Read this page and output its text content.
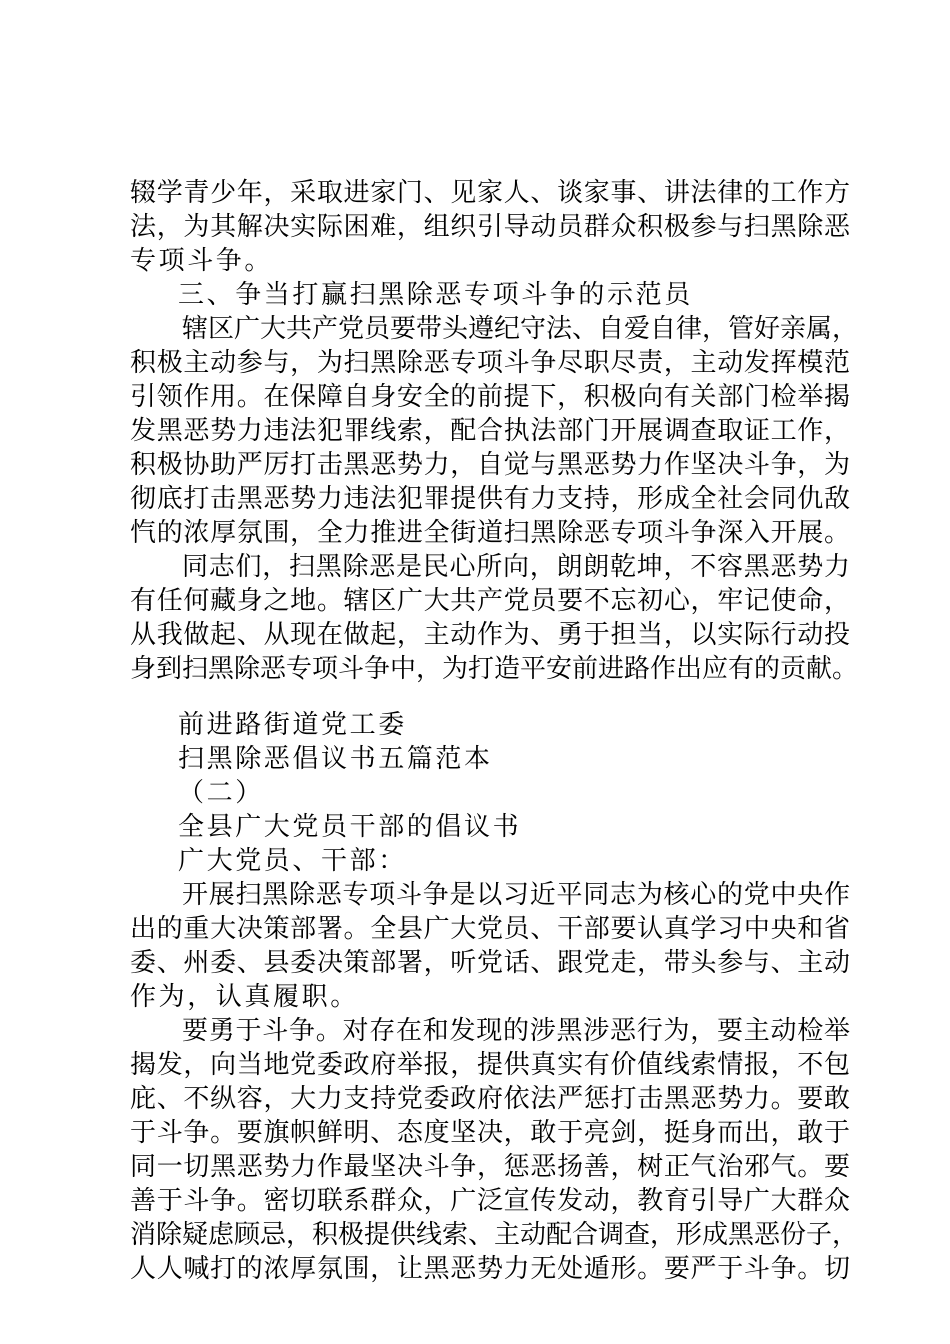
辍学青少年，采取进家门、见家人、谈家事、讲法律的工作方
法，为其解决实际困难，组织引导动员群众积极参与扫黑除恶
专项斗争。
三、争当打赢扫黑除恶专项斗争的示范员
辖区广大共产党员要带头遵纪守法、自爱自律，管好亲属，
积极主动参与，为扫黑除恶专项斗争尽职尽责，主动发挥模范
引领作用。在保障自身安全的前提下，积极向有关部门检举揭
发黑恶势力违法犯罪线索，配合执法部门开展调查取证工作，
积极协助严厉打击黑恶势力，自觉与黑恶势力作坚决斗争，为
彻底打击黑恶势力违法犯罪提供有力支持，形成全社会同仇敌
忾的浓厚氛围，全力推进全街道扫黑除恶专项斗争深入开展。
同志们，扫黑除恶是民心所向，朗朗乾坤，不容黑恶势力
有任何藏身之地。辖区广大共产党员要不忘初心，牢记使命，
从我做起、从现在做起，主动作为、勇于担当，以实际行动投
身到扫黑除恶专项斗争中，为打造平安前进路作出应有的贡献。
前进路街道党工委
扫黑除恶倡议书五篇范本
（二）
全县广大党员干部的倡议书
广大党员、干部：
开展扫黑除恶专项斗争是以习近平同志为核心的党中央作
出的重大决策部署。全县广大党员、干部要认真学习中央和省
委、州委、县委决策部署，听党话、跟党走，带头参与、主动
作为，认真履职。
要勇于斗争。对存在和发现的涉黑涉恶行为，要主动检举
揭发，向当地党委政府举报，提供真实有价值线索情报，不包
庇、不纵容，大力支持党委政府依法严惩打击黑恶势力。要敢
于斗争。要旗帜鲜明、态度坚决，敢于亮剑，挺身而出，敢于
同一切黑恶势力作最坚决斗争，惩恶扬善，树正气治邪气。要
善于斗争。密切联系群众，广泛宣传发动，教育引导广大群众
消除疑虑顾忌，积极提供线索、主动配合调查，形成黑恶份子，
人人喊打的浓厚氛围，让黑恶势力无处遁形。要严于斗争。切
